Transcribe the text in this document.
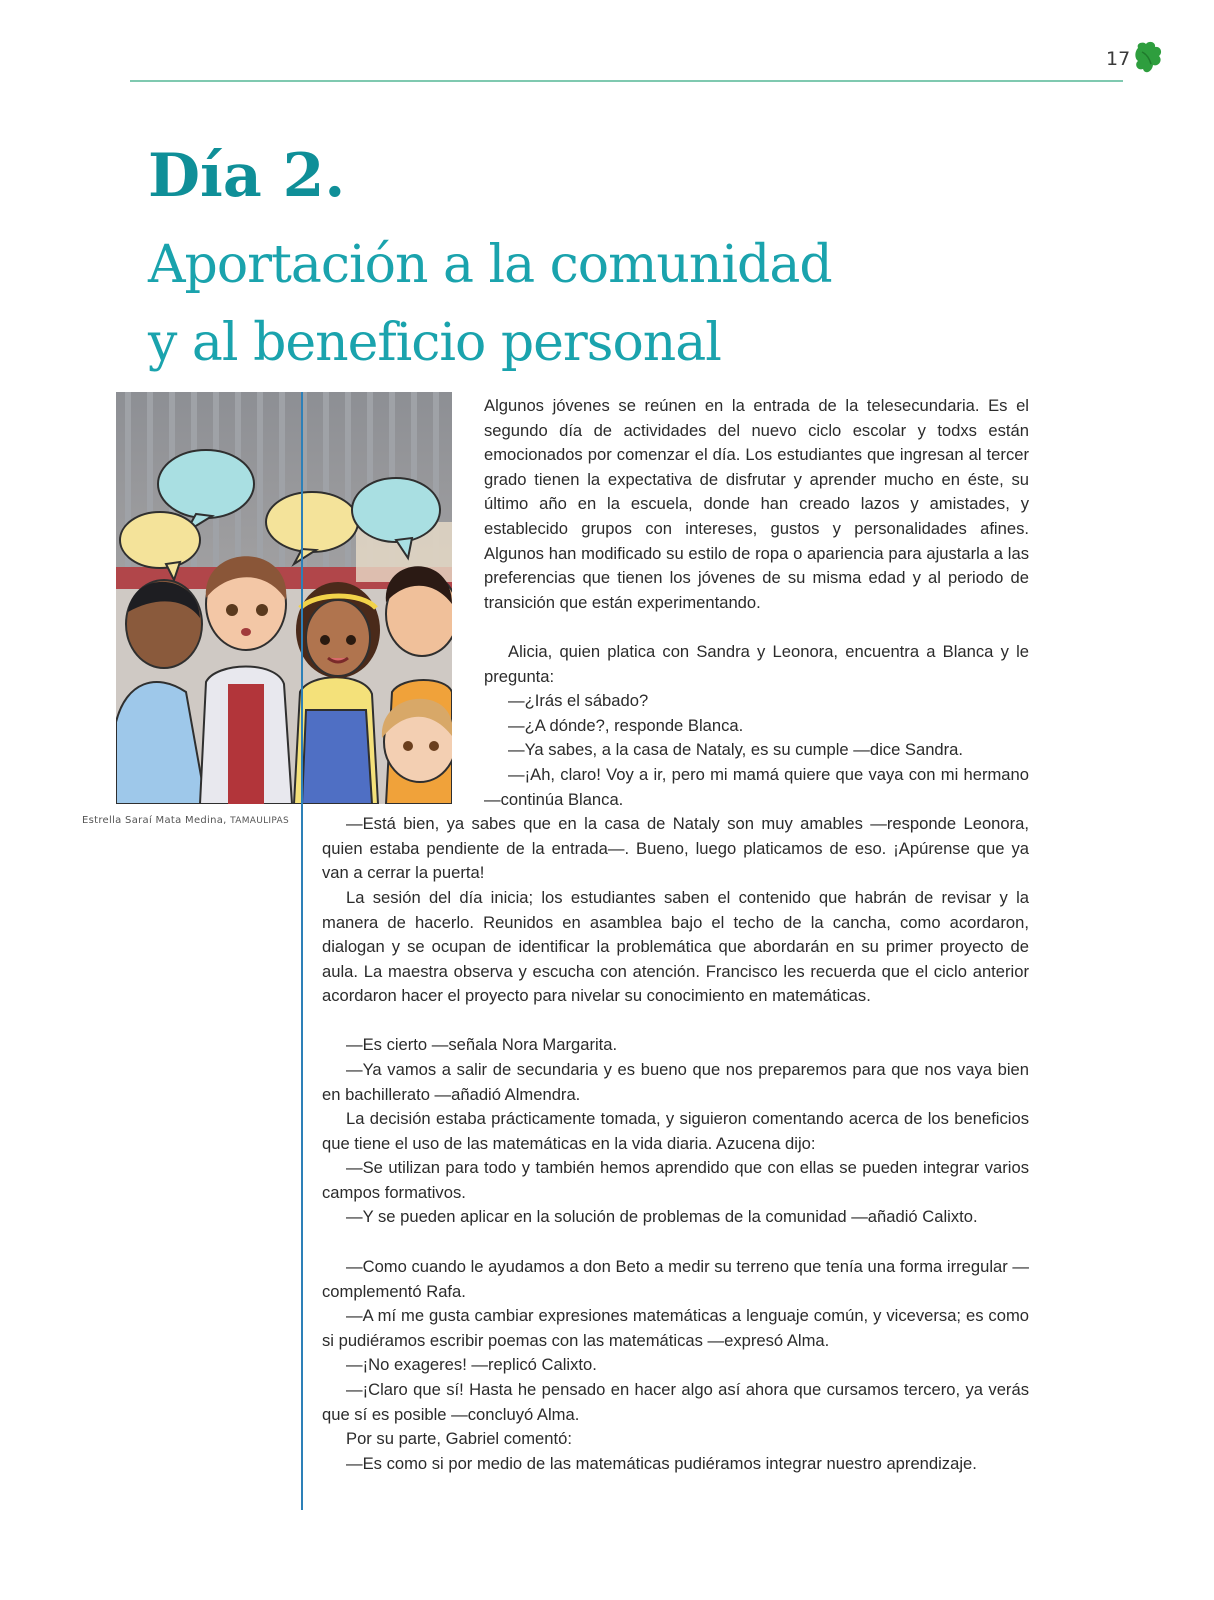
17
Día 2.
Aportación a la comunidad
y al beneficio personal
Estrella Saraí Mata Medina, TAMAULIPAS

Algunos jóvenes se reúnen en la entrada de la telesecundaria. Es el segundo día de actividades del nuevo ciclo escolar y todxs están emocionados por comenzar el día. Los estudiantes que ingresan al tercer grado tienen la expectativa de disfrutar y aprender mucho en éste, su último año en la escuela, donde han creado lazos y amistades, y establecido grupos con intereses, gustos y personalidades afines. Algunos han modificado su estilo de ropa o apariencia para ajustarla a las preferencias que tienen los jóvenes de su misma edad y al periodo de transición que están experimentando.

Alicia, quien platica con Sandra y Leonora, encuentra a Blanca y le pregunta:

—¿Irás el sábado?

—¿A dónde?, responde Blanca.

—Ya sabes, a la casa de Nataly, es su cumple —dice Sandra.

—¡Ah, claro! Voy a ir, pero mi mamá quiere que vaya con mi hermano —continúa Blanca.

—Está bien, ya sabes que en la casa de Nataly son muy amables —responde Leonora, quien estaba pendiente de la entrada—. Bueno, luego platicamos de eso. ¡Apúrense que ya van a cerrar la puerta!

La sesión del día inicia; los estudiantes saben el contenido que habrán de revisar y la manera de hacerlo. Reunidos en asamblea bajo el techo de la cancha, como acordaron, dialogan y se ocupan de identificar la problemática que abordarán en su primer proyecto de aula. La maestra observa y escucha con atención. Francisco les recuerda que el ciclo anterior acordaron hacer el proyecto para nivelar su conocimiento en matemáticas.

—Es cierto —señala Nora Margarita.

—Ya vamos a salir de secundaria y es bueno que nos preparemos para que nos vaya bien en bachillerato —añadió Almendra.

La decisión estaba prácticamente tomada, y siguieron comentando acerca de los beneficios que tiene el uso de las matemáticas en la vida diaria. Azucena dijo:

—Se utilizan para todo y también hemos aprendido que con ellas se pueden integrar varios campos formativos.

—Y se pueden aplicar en la solución de problemas de la comunidad —añadió Calixto.

—Como cuando le ayudamos a don Beto a medir su terreno que tenía una forma irregular —complementó Rafa.

—A mí me gusta cambiar expresiones matemáticas a lenguaje común, y viceversa; es como si pudiéramos escribir poemas con las matemáticas —expresó Alma.

—¡No exageres! —replicó Calixto.

—¡Claro que sí! Hasta he pensado en hacer algo así ahora que cursamos tercero, ya verás que sí es posible —concluyó Alma.

Por su parte, Gabriel comentó:

—Es como si por medio de las matemáticas pudiéramos integrar nuestro aprendizaje.
